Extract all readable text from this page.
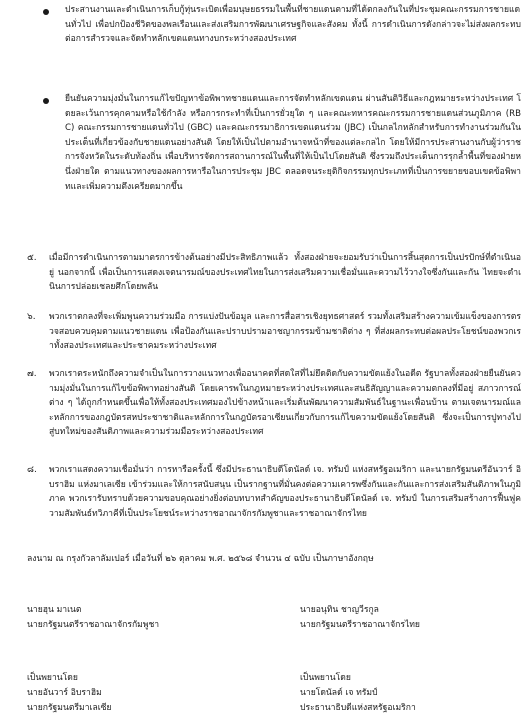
ประสานงานและดำเนินการเก็บกู้ทุ่นระเบิดเพื่อมนุษยธรรมในพื้นที่ชายแดนตามที่ได้ตกลงกันในที่ประชุมคณะกรรมการชายแดนทั่วไป เพื่อปกป้องชีวิตของพลเรือนและส่งเสริมการพัฒนาเศรษฐกิจและสังคม ทั้งนี้ การดำเนินการดังกล่าวจะไม่ส่งผลกระทบต่อการสำรวจและจัดทำหลักเขตแดนทางบกระหว่างสองประเทศ

ยืนยันความมุ่งมั่นในการแก้ไขปัญหาข้อพิพาทชายแดนและการจัดทำหลักเขตแดน ผ่านสันติวิธีและกฎหมายระหว่างประเทศ โดยละเว้นการคุกคามหรือใช้กำลัง หรือการกระทำที่เป็นการยั่วยุใด ๆ และคณะทหารคณะกรรมการชายแดนส่วนภูมิภาค (RBC) คณะกรรมการชายแดนทั่วไป (GBC) และคณะกรรมาธิการเขตแดนร่วม (JBC) เป็นกลไกหลักสำหรับการทำงานร่วมกันในประเด็นที่เกี่ยวข้องกับชายแดนอย่างสันติ โดยให้เป็นไปตามอำนาจหน้าที่ของแต่ละกลไก โดยให้มีการประสานงานกับผู้ว่าราชการจังหวัดในระดับท้องถิ่น เพื่อบริหารจัดการสถานการณ์ในพื้นที่ให้เป็นไปโดยสันติ ซึ่งรวมถึงประเด็นการรุกล้ำพื้นที่ของฝ่ายหนึ่งฝ่ายใด ตามแนวทางของผลการหารือในการประชุม JBC ตลอดจนระยุติกิจกรรมทุกประเภทที่เป็นการขยายขอบเขตข้อพิพาทและเพิ่มความตึงเครียดมากขึ้น

๕. เมื่อมีการดำเนินการตามมาตรการข้างต้นอย่างมีประสิทธิภาพแล้ว ทั้งสองฝ่ายจะยอมรับว่าเป็นการสิ้นสุดการเป็นปรปักษ์ที่ดำเนินอยู่ นอกจากนี้ เพื่อเป็นการแสดงเจตนารมณ์ของประเทศไทยในการส่งเสริมความเชื่อมั่นและความไว้วางใจซึ่งกันและกัน ไทยจะดำเนินการปล่อยเชลยศึกโดยพลัน

๖. พวกเราตกลงที่จะเพิ่มพูนความร่วมมือ การแบ่งปันข้อมูล และการสื่อสารเชิงยุทธศาสตร์ รวมทั้งเสริมสร้างความเข้มแข็งของการตรวจสอบควบคุมตามแนวชายแดน เพื่อป้องกันและปราบปรามอาชญากรรมข้ามชาติต่าง ๆ ที่ส่งผลกระทบต่อผลประโยชน์ของพวกเราทั้งสองประเทศและประชาคมระหว่างประเทศ

๗. พวกเราตระหนักถึงความจำเป็นในการวางแนวทางเพื่ออนาคตที่สดใสที่ไม่ยึดติดกับความขัดแย้งในอดีต รัฐบาลทั้งสองฝ่ายยืนยันความมุ่งมั่นในการแก้ไขข้อพิพาทอย่างสันติ โดยเคารพในกฎหมายระหว่างประเทศและสนธิสัญญาและความตกลงที่มีอยู่ สภาวการณ์ต่าง ๆ ได้ถูกกำหนดขึ้นเพื่อให้ทั้งสองประเทศมองไปข้างหน้าและเริ่มต้นพัฒนาความสัมพันธ์ในฐานะเพื่อนบ้าน ตามเจตนารมณ์และหลักการของกฎบัตรสหประชาชาติและหลักการในกฎบัตรอาเซียนเกี่ยวกับการแก้ไขความขัดแย้งโดยสันติ ซึ่งจะเป็นการปูทางไปสู่บทใหม่ของสันติภาพและความร่วมมือระหว่างสองประเทศ

๘. พวกเราแสดงความเชื่อมั่นว่า การหารือครั้งนี้ ซึ่งมีประธานาธิบดีโดนัลด์ เจ. ทรัมป์ แห่งสหรัฐอเมริกา และนายกรัฐมนตรีอันวาร์ อิบราฮิม แห่งมาเลเซีย เข้าร่วมและให้การสนับสนุน เป็นรากฐานที่มั่นคงต่อความเคารพซึ่งกันและกันและการส่งเสริมสันติภาพในภูมิภาค พวกเรารับทราบด้วยความขอบคุณอย่างยิ่งต่อบทบาทสำคัญของประธานาธิบดีโดนัลด์ เจ. ทรัมป์ ในการเสริมสร้างการฟื้นฟูความสัมพันธ์ทวิภาคีที่เป็นประโยชน์ระหว่างราชอาณาจักรกัมพูชาและราชอาณาจักรไทย

ลงนาม ณ กรุงกัวลาลัมเปอร์ เมื่อวันที่ ๒๖ ตุลาคม พ.ศ. ๒๕๖๘ จำนวน ๔ ฉบับ เป็นภาษาอังกฤษ

นายฮุน มาเนต
นายกรัฐมนตรีราชอาณาจักรกัมพูชา
นายอนุทิน ชาญวีรกูล
นายกรัฐมนตรีราชอาณาจักรไทย
เป็นพยานโดย
นายอันวาร์ อิบราฮิม
นายกรัฐมนตรีมาเลเซีย
เป็นพยานโดย
นายโดนัลด์ เจ ทรัมป์
ประธานาธิบดีแห่งสหรัฐอเมริกา
